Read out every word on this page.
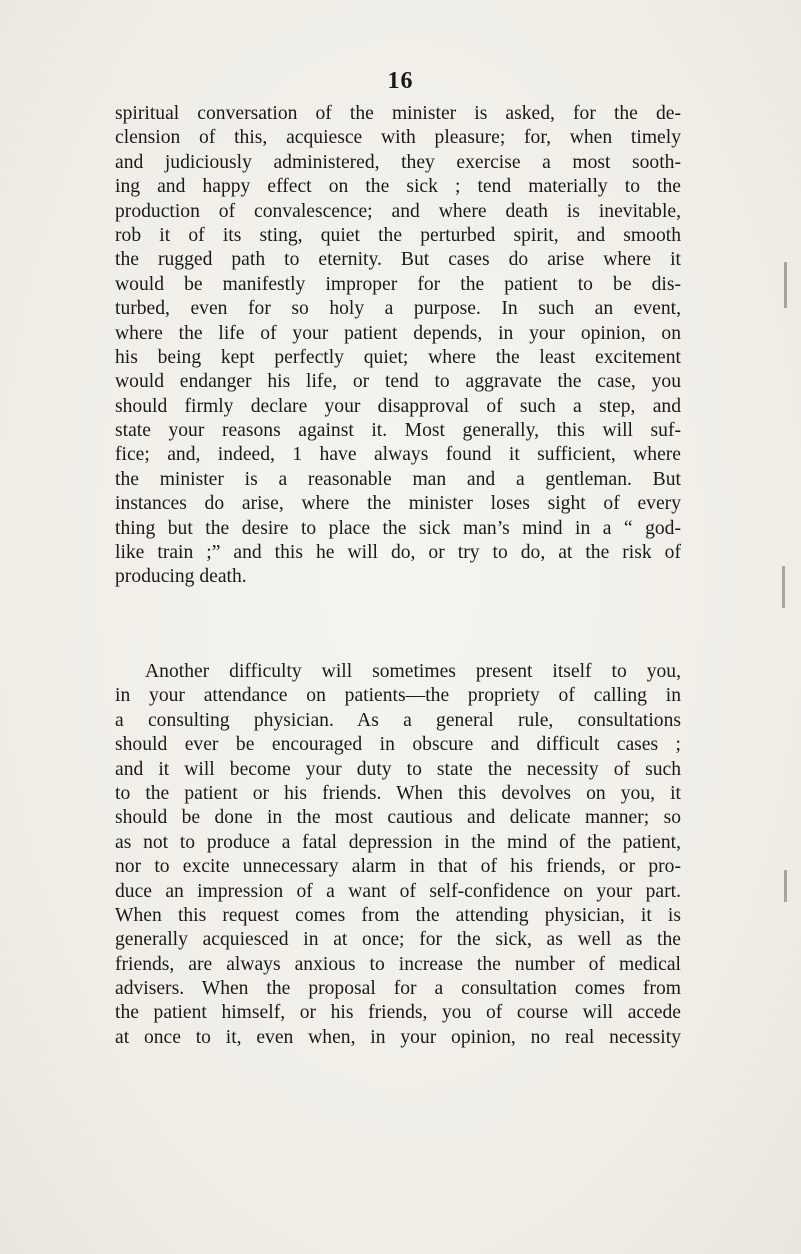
16
spiritual conversation of the minister is asked, for the de-
clension of this, acquiesce with pleasure; for, when timely
and judiciously administered, they exercise a most sooth-
ing and happy effect on the sick ; tend materially to the
production of convalescence; and where death is inevitable,
rob it of its sting, quiet the perturbed spirit, and smooth
the rugged path to eternity. But cases do arise where it
would be manifestly improper for the patient to be dis-
turbed, even for so holy a purpose. In such an event,
where the life of your patient depends, in your opinion, on
his being kept perfectly quiet; where the least excitement
would endanger his life, or tend to aggravate the case, you
should firmly declare your disapproval of such a step, and
state your reasons against it. Most generally, this will suf-
fice; and, indeed, 1 have always found it sufficient, where
the minister is a reasonable man and a gentleman. But
instances do arise, where the minister loses sight of every
thing but the desire to place the sick man’s mind in a “ god-
like train ;” and this he will do, or try to do, at the risk of
producing death.
Another difficulty will sometimes present itself to you,
in your attendance on patients—the propriety of calling in
a consulting physician. As a general rule, consultations
should ever be encouraged in obscure and difficult cases ;
and it will become your duty to state the necessity of such
to the patient or his friends. When this devolves on you, it
should be done in the most cautious and delicate manner; so
as not to produce a fatal depression in the mind of the patient,
nor to excite unnecessary alarm in that of his friends, or pro-
duce an impression of a want of self-confidence on your part.
When this request comes from the attending physician, it is
generally acquiesced in at once; for the sick, as well as the
friends, are always anxious to increase the number of medical
advisers. When the proposal for a consultation comes from
the patient himself, or his friends, you of course will accede
at once to it, even when, in your opinion, no real necessity
